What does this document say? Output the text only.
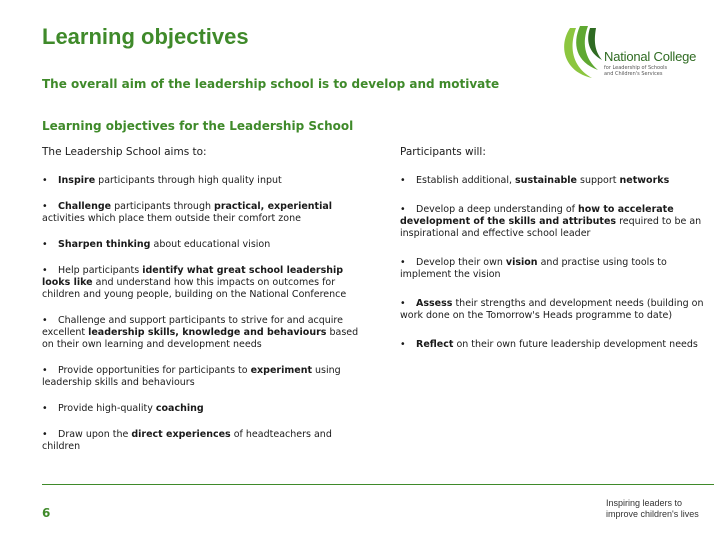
Learning objectives
National College
for Leadership of Schools
and Children's Services
The overall aim of the leadership school is to develop and motivate
Learning objectives for the Leadership School
The Leadership School aims to:

• Inspire participants through high quality input

• Challenge participants through practical, experiential activities which place them outside their comfort zone

• Sharpen thinking about educational vision

• Help participants identify what great school leadership looks like and understand how this impacts on outcomes for children and young people, building on the National Conference

• Challenge and support participants to strive for and acquire excellent leadership skills, knowledge and behaviours based on their own learning and development needs

• Provide opportunities for participants to experiment using leadership skills and behaviours

• Provide high-quality coaching

• Draw upon the direct experiences of headteachers and children

Participants will:

• Establish additional, sustainable support networks

• Develop a deep understanding of how to accelerate development of the skills and attributes required to be an inspirational and effective school leader

• Develop their own vision and practise using tools to implement the vision

• Assess their strengths and development needs (building on work done on the Tomorrow's Heads programme to date)

• Reflect on their own future leadership development needs

6
Inspiring leaders to
improve children's lives
